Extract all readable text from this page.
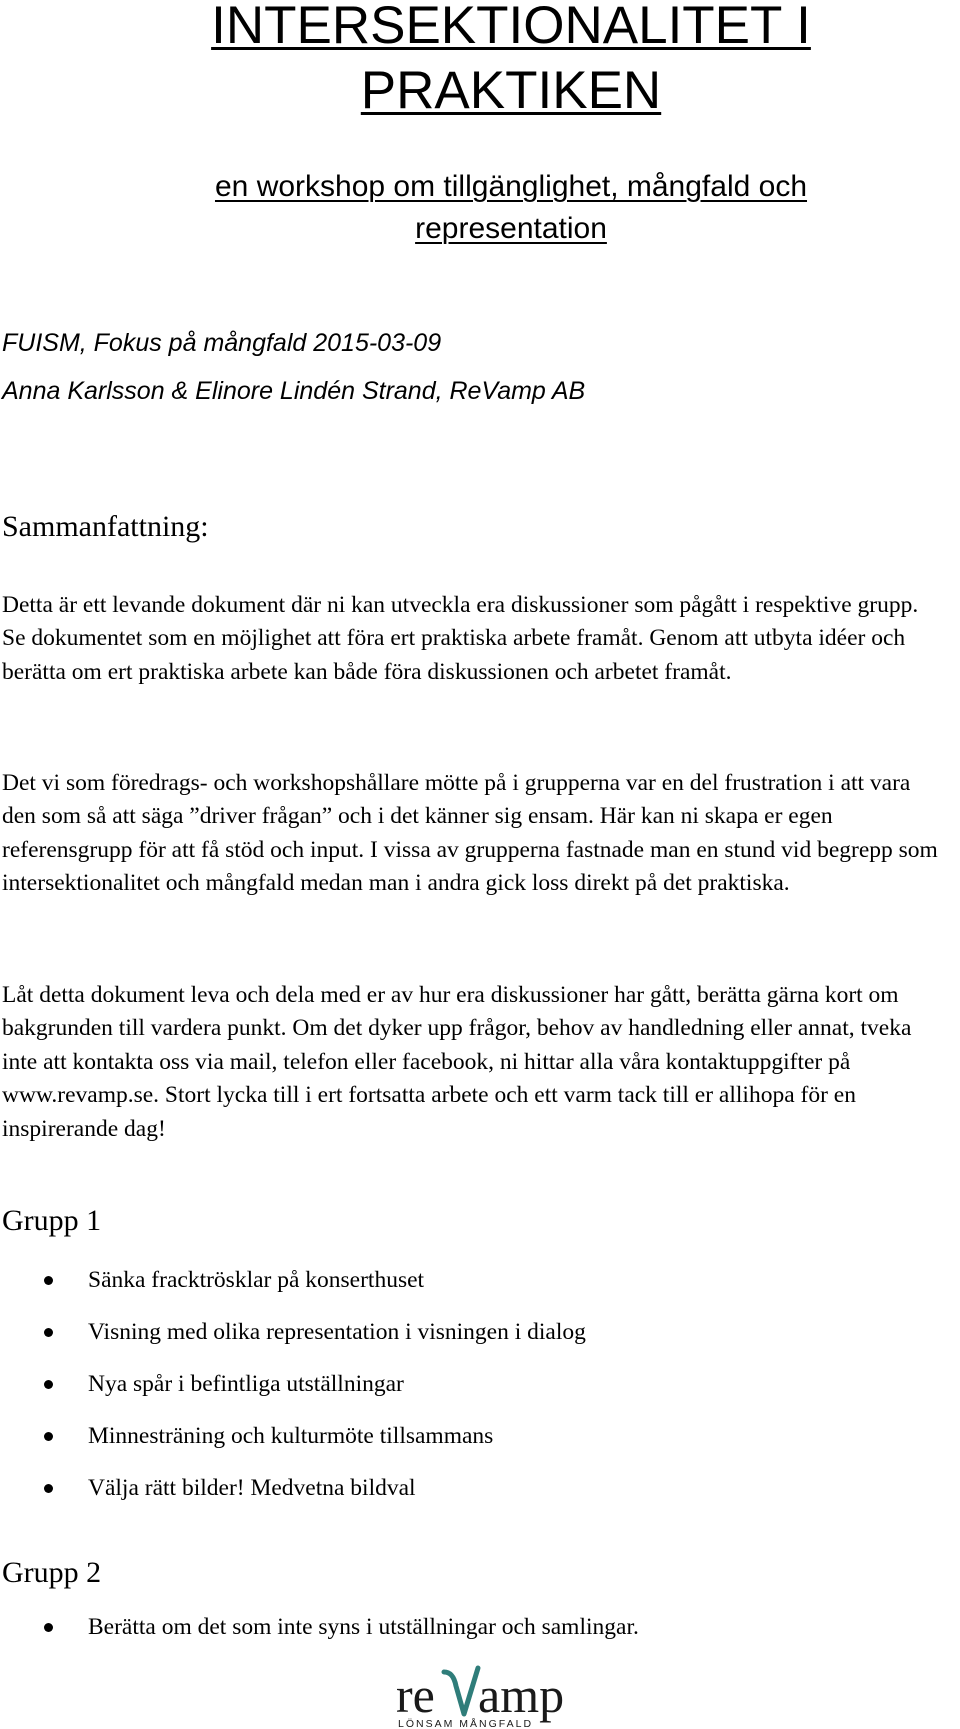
INTERSEKTIONALITET I
PRAKTIKEN
en workshop om tillgänglighet, mångfald och
representation
FUISM, Fokus på mångfald 2015-03-09
Anna Karlsson & Elinore Lindén Strand, ReVamp AB
Sammanfattning:

Detta är ett levande dokument där ni kan utveckla era diskussioner som pågått i respektive grupp. Se dokumentet som en möjlighet att föra ert praktiska arbete framåt. Genom att utbyta idéer och berätta om ert praktiska arbete kan både föra diskussionen och arbetet framåt.

Det vi som föredrags- och workshopshållare mötte på i grupperna var en del frustration i att vara den som så att säga ”driver frågan” och i det känner sig ensam. Här kan ni skapa er egen referensgrupp för att få stöd och input. I vissa av grupperna fastnade man en stund vid begrepp som intersektionalitet och mångfald medan man i andra gick loss direkt på det praktiska.

Låt detta dokument leva och dela med er av hur era diskussioner har gått, berätta gärna kort om bakgrunden till vardera punkt. Om det dyker upp frågor, behov av handledning eller annat, tveka inte att kontakta oss via mail, telefon eller facebook, ni hittar alla våra kontaktuppgifter på www.revamp.se. Stort lycka till i ert fortsatta arbete och ett varm tack till er allihopa för en inspirerande dag!

Grupp 1
Sänka fracktrösklar på konserthuset
Visning med olika representation i visningen i dialog
Nya spår i befintliga utställningar
Minnesträning och kulturmöte tillsammans
Välja rätt bilder! Medvetna bildval
Grupp 2
Berätta om det som inte syns i utställningar och samlingar.
re amp
LÖNSAM MÅNGFALD
